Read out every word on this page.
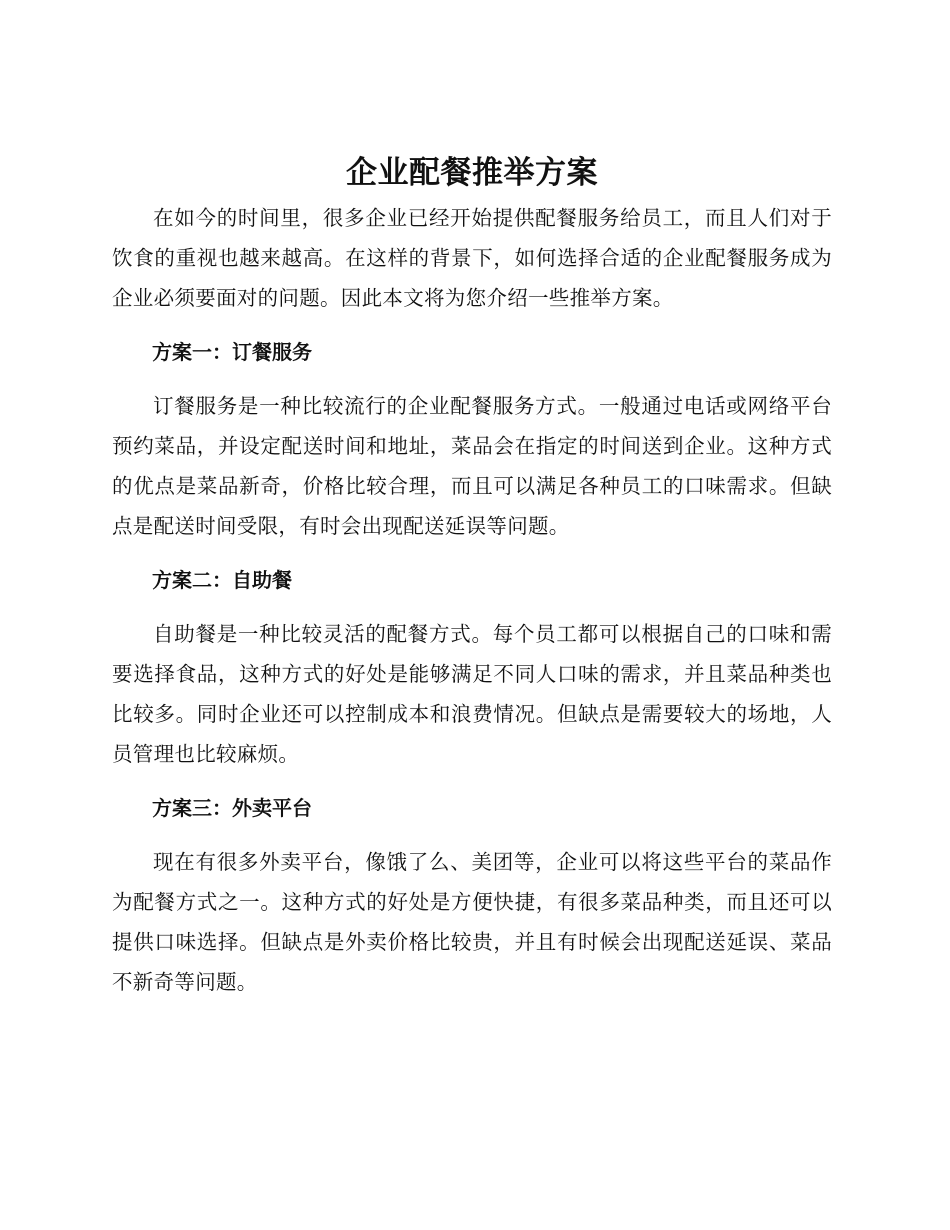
企业配餐推举方案

在如今的时间里，很多企业已经开始提供配餐服务给员工，而且人们对于饮食的重视也越来越高。在这样的背景下，如何选择合适的企业配餐服务成为企业必须要面对的问题。因此本文将为您介绍一些推举方案。

方案一：订餐服务

订餐服务是一种比较流行的企业配餐服务方式。一般通过电话或网络平台预约菜品，并设定配送时间和地址，菜品会在指定的时间送到企业。这种方式的优点是菜品新奇，价格比较合理，而且可以满足各种员工的口味需求。但缺点是配送时间受限，有时会出现配送延误等问题。

方案二：自助餐

自助餐是一种比较灵活的配餐方式。每个员工都可以根据自己的口味和需要选择食品，这种方式的好处是能够满足不同人口味的需求，并且菜品种类也比较多。同时企业还可以控制成本和浪费情况。但缺点是需要较大的场地，人员管理也比较麻烦。

方案三：外卖平台

现在有很多外卖平台，像饿了么、美团等，企业可以将这些平台的菜品作为配餐方式之一。这种方式的好处是方便快捷，有很多菜品种类，而且还可以提供口味选择。但缺点是外卖价格比较贵，并且有时候会出现配送延误、菜品不新奇等问题。
